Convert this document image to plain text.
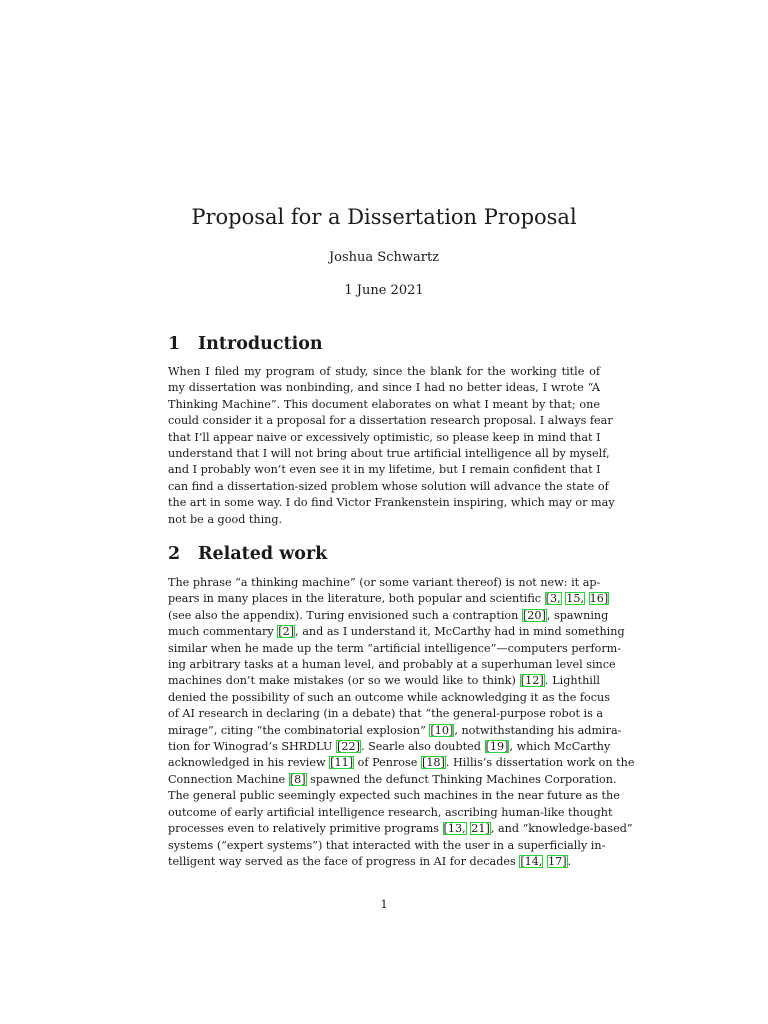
Proposal for a Dissertation Proposal
Joshua Schwartz
1 June 2021
1 Introduction
When I filed my program of study, since the blank for the working title of
my dissertation was nonbinding, and since I had no better ideas, I wrote “A
Thinking Machine”. This document elaborates on what I meant by that; one
could consider it a proposal for a dissertation research proposal. I always fear
that I’ll appear naive or excessively optimistic, so please keep in mind that I
understand that I will not bring about true artificial intelligence all by myself,
and I probably won’t even see it in my lifetime, but I remain confident that I
can find a dissertation-sized problem whose solution will advance the state of
the art in some way. I do find Victor Frankenstein inspiring, which may or may
not be a good thing.
2 Related work
The phrase “a thinking machine” (or some variant thereof) is not new: it ap-
pears in many places in the literature, both popular and scientific [3, 15, 16]
(see also the appendix). Turing envisioned such a contraption [20], spawning
much commentary [2], and as I understand it, McCarthy had in mind something
similar when he made up the term “artificial intelligence”—computers perform-
ing arbitrary tasks at a human level, and probably at a superhuman level since
machines don’t make mistakes (or so we would like to think) [12]. Lighthill
denied the possibility of such an outcome while acknowledging it as the focus
of AI research in declaring (in a debate) that “the general-purpose robot is a
mirage”, citing “the combinatorial explosion” [10], notwithstanding his admira-
tion for Winograd’s SHRDLU [22]. Searle also doubted [19], which McCarthy
acknowledged in his review [11] of Penrose [18]. Hillis’s dissertation work on the
Connection Machine [8] spawned the defunct Thinking Machines Corporation.
The general public seemingly expected such machines in the near future as the
outcome of early artificial intelligence research, ascribing human-like thought
processes even to relatively primitive programs [13, 21], and “knowledge-based”
systems (“expert systems”) that interacted with the user in a superficially in-
telligent way served as the face of progress in AI for decades [14, 17].
1
